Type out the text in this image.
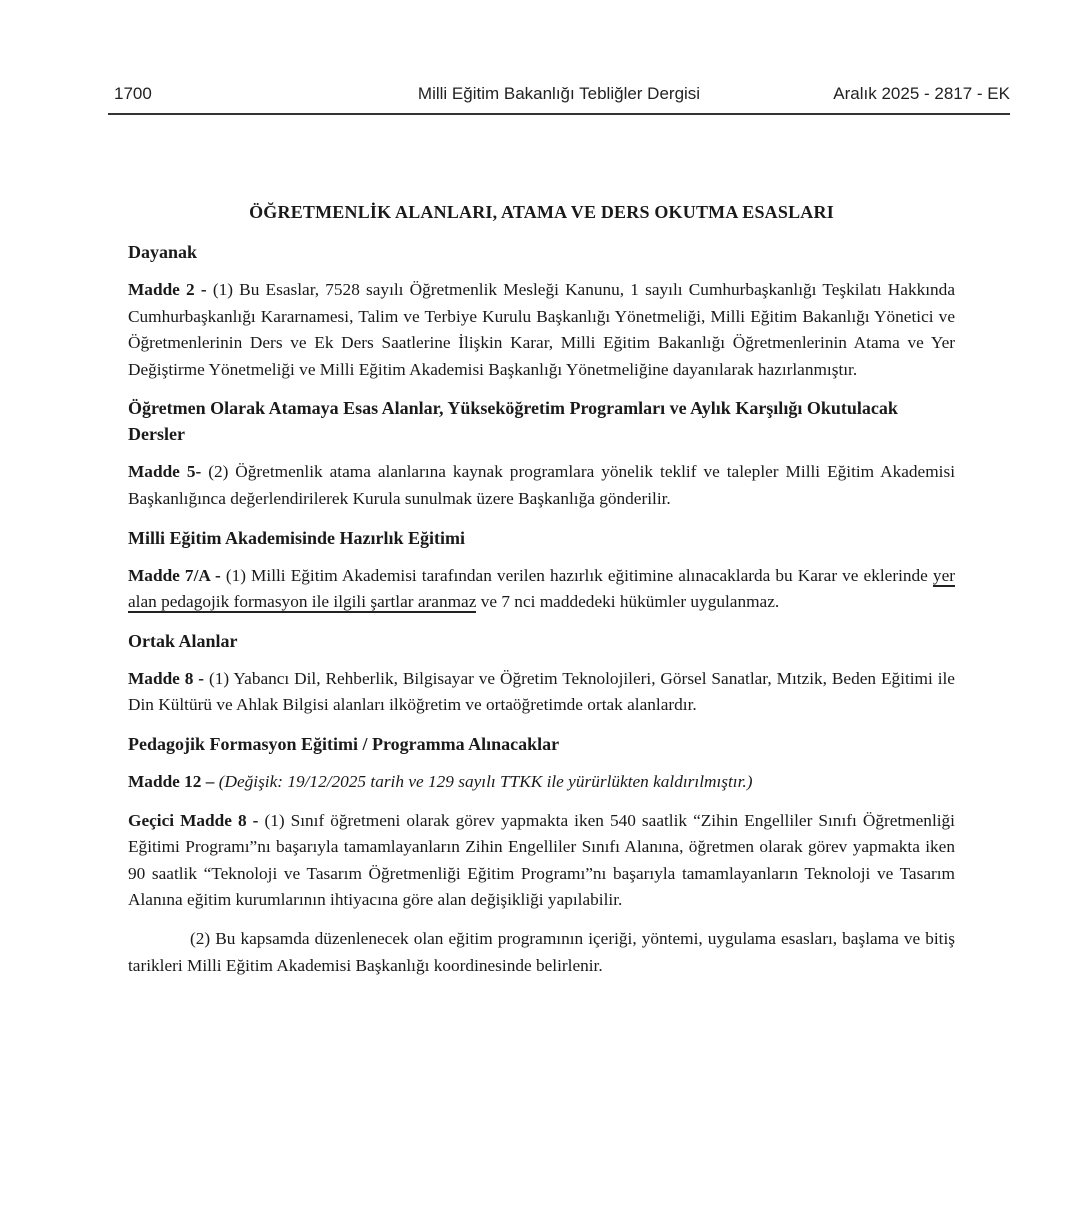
1700	Milli Eğitim Bakanlığı Tebliğler Dergisi	Aralık 2025 - 2817 - EK
ÖĞRETMENLİK ALANLARI, ATAMA VE DERS OKUTMA ESASLARI
Dayanak

Madde 2 - (1) Bu Esaslar, 7528 sayılı Öğretmenlik Mesleği Kanunu, 1 sayılı Cumhurbaşkanlığı Teşkilatı Hakkında Cumhurbaşkanlığı Kararnamesi, Talim ve Terbiye Kurulu Başkanlığı Yönetmeliği, Milli Eğitim Bakanlığı Yönetici ve Öğretmenlerinin Ders ve Ek Ders Saatlerine İlişkin Karar, Milli Eğitim Bakanlığı Öğretmenlerinin Atama ve Yer Değiştirme Yönetmeliği ve Milli Eğitim Akademisi Başkanlığı Yönetmeliğine dayanılarak hazırlanmıştır.

Öğretmen Olarak Atamaya Esas Alanlar, Yükseköğretim Programları ve Aylık Karşılığı Okutulacak Dersler

Madde 5- (2) Öğretmenlik atama alanlarına kaynak programlara yönelik teklif ve talepler Milli Eğitim Akademisi Başkanlığınca değerlendirilerek Kurula sunulmak üzere Başkanlığa gönderilir.

Milli Eğitim Akademisinde Hazırlık Eğitimi

Madde 7/A - (1) Milli Eğitim Akademisi tarafından verilen hazırlık eğitimine alınacaklarda bu Karar ve eklerinde yer alan pedagojik formasyon ile ilgili şartlar aranmaz ve 7 nci maddedeki hükümler uygulanmaz.

Ortak Alanlar

Madde 8 - (1) Yabancı Dil, Rehberlik, Bilgisayar ve Öğretim Teknolojileri, Görsel Sanatlar, Mıtzik, Beden Eğitimi ile Din Kültürü ve Ahlak Bilgisi alanları ilköğretim ve ortaöğretimde ortak alanlardır.

Pedagojik Formasyon Eğitimi / Programma Alınacaklar

Madde 12 – (Değişik: 19/12/2025 tarih ve 129 sayılı TTKK ile yürürlükten kaldırılmıştır.)

Geçici Madde 8 - (1) Sınıf öğretmeni olarak görev yapmakta iken 540 saatlik “Zihin Engelliler Sınıfı Öğretmenliği Eğitimi Programı”nı başarıyla tamamlayanların Zihin Engelliler Sınıfı Alanına, öğretmen olarak görev yapmakta iken 90 saatlik “Teknoloji ve Tasarım Öğretmenliği Eğitim Programı”nı başarıyla tamamlayanların Teknoloji ve Tasarım Alanına eğitim kurumlarının ihtiyacına göre alan değişikliği yapılabilir.

(2) Bu kapsamda düzenlenecek olan eğitim programının içeriği, yöntemi, uygulama esasları, başlama ve bitiş tarikleri Milli Eğitim Akademisi Başkanlığı koordinesinde belirlenir.
